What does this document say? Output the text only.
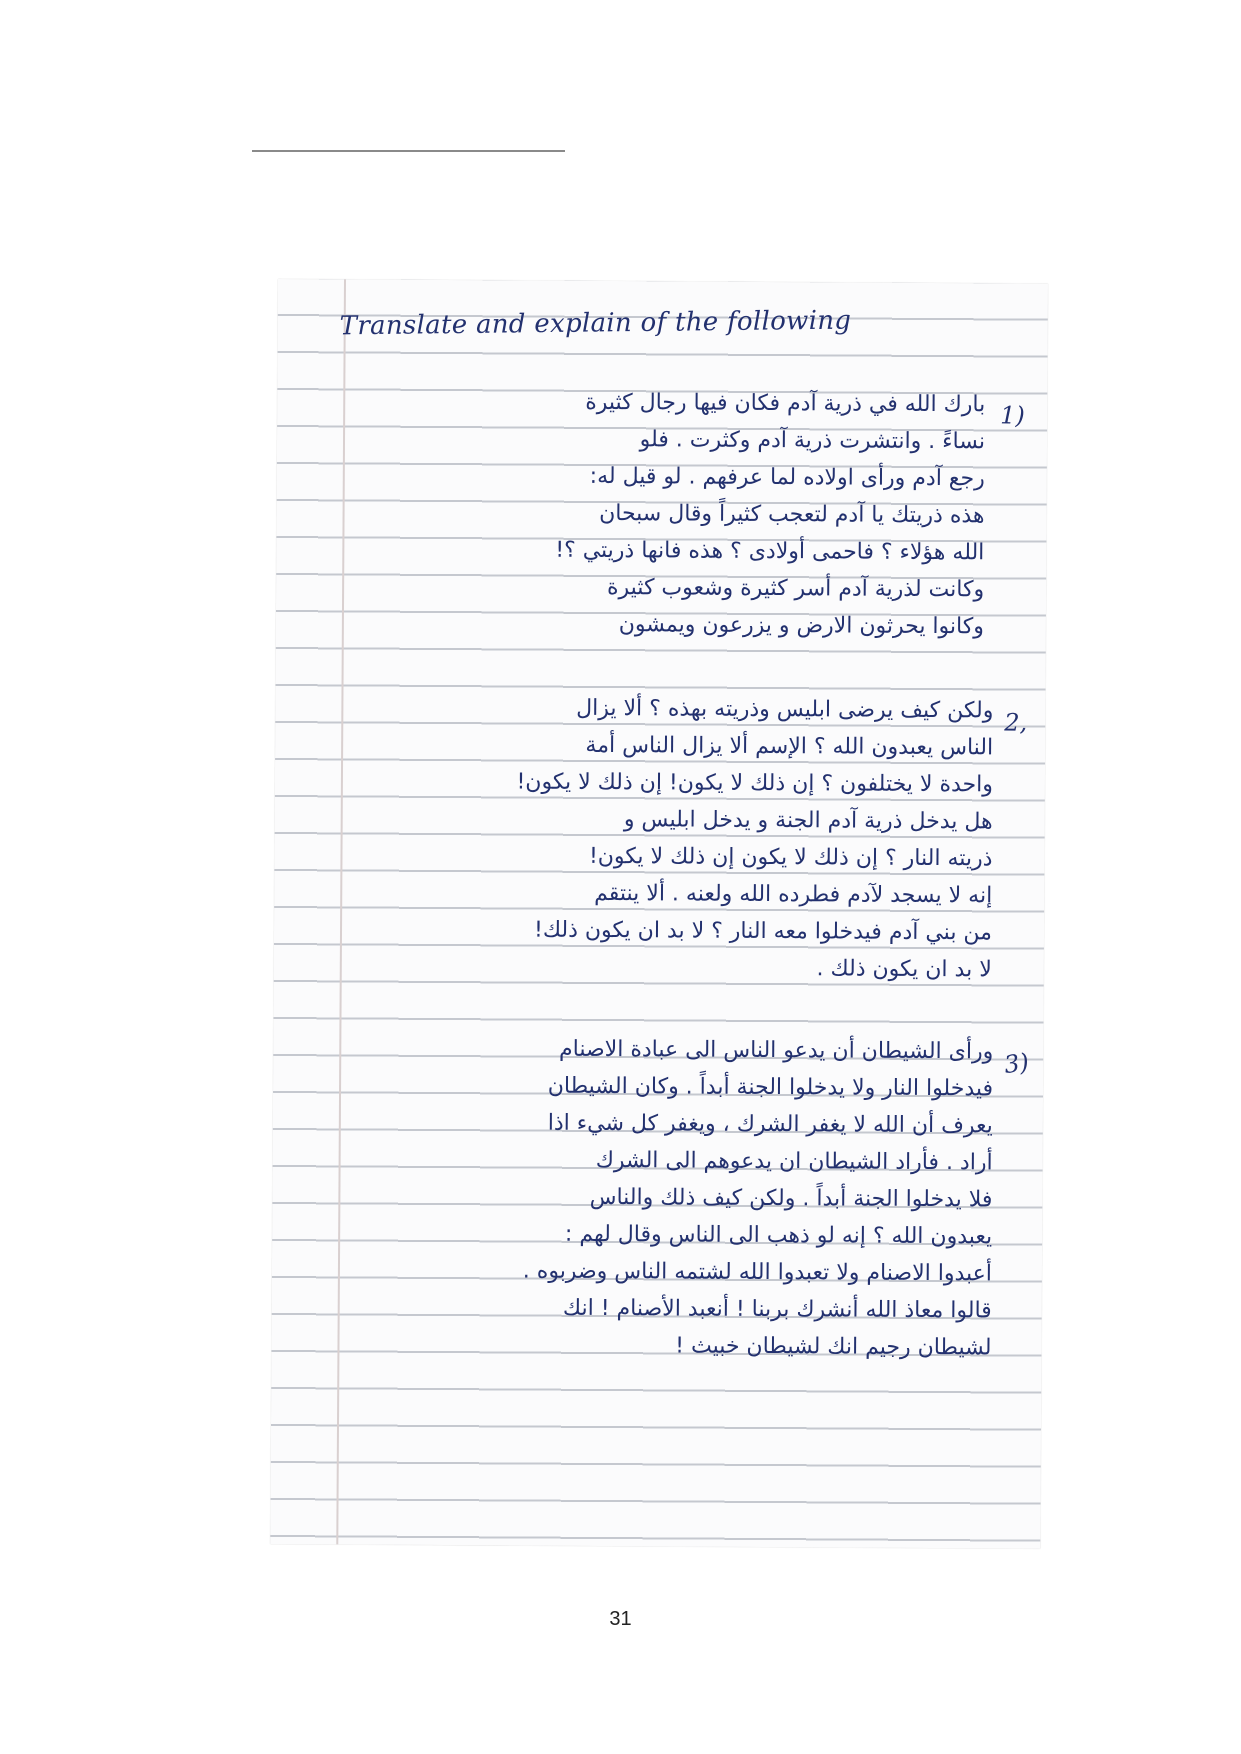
Translate and explain of the following
1)
بارك الله في ذرية آدم فكان فيها رجال كثيرة
نساءً . وانتشرت ذرية آدم وكثرت . فلو
رجع آدم ورأى اولاده لما عرفهم . لو قيل له:
هذه ذريتك يا آدم لتعجب كثيراً وقال سبحان
الله هؤلاء ؟ فاحمى أولادى ؟ هذه فانها ذريتي ؟!
وكانت لذرية آدم أسر كثيرة وشعوب كثيرة
وكانوا يحرثون الارض و يزرعون ويمشون
2,
ولكن كيف يرضى ابليس وذريته بهذه ؟ ألا يزال
الناس يعبدون الله ؟ الإسم ألا يزال الناس أمة
واحدة لا يختلفون ؟ إن ذلك لا يكون! إن ذلك لا يكون!
هل يدخل ذرية آدم الجنة و يدخل ابليس و
ذريته النار ؟ إن ذلك لا يكون إن ذلك لا يكون!
إنه لا يسجد لآدم فطرده الله ولعنه . ألا ينتقم
من بني آدم فيدخلوا معه النار ؟ لا بد ان يكون ذلك!
لا بد ان يكون ذلك .
3)
ورأى الشيطان أن يدعو الناس الى عبادة الاصنام
فيدخلوا النار ولا يدخلوا الجنة أبداً . وكان الشيطان
يعرف أن الله لا يغفر الشرك ، ويغفر كل شيء اذا
أراد . فأراد الشيطان ان يدعوهم الى الشرك
فلا يدخلوا الجنة أبداً . ولكن كيف ذلك والناس
يعبدون الله ؟ إنه لو ذهب الى الناس وقال لهم :
أعبدوا الاصنام ولا تعبدوا الله لشتمه الناس وضربوه .
قالوا معاذ الله أنشرك بربنا ! أنعبد الأصنام ! انك
لشيطان رجيم انك لشيطان خبيث !
31
